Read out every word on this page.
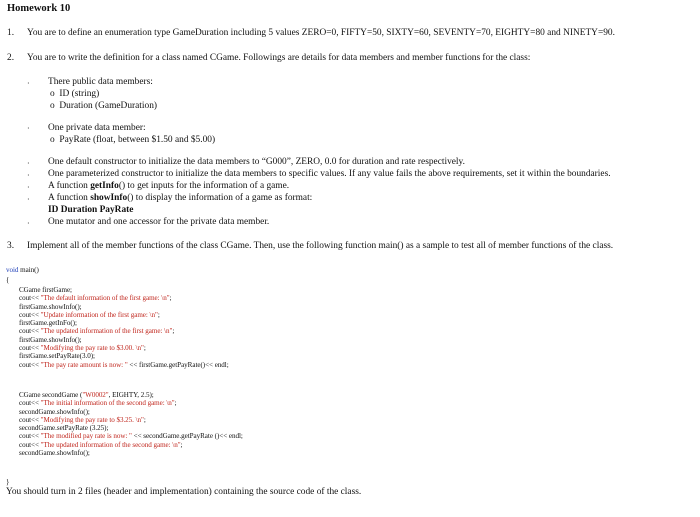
Homework 10
1. You are to define an enumeration type GameDuration including 5 values ZERO=0, FIFTY=50, SIXTY=60, SEVENTY=70, EIGHTY=80 and NINETY=90.
2. You are to write the definition for a class named CGame. Followings are details for data members and member functions for the class:
· There public data members:
o  ID (string)
o  Duration (GameDuration)
· One private data member:
o  PayRate (float, between $1.50 and $5.00)
· One default constructor to initialize the data members to “G000”, ZERO, 0.0 for duration and rate respectively.
· One parameterized constructor to initialize the data members to specific values. If any value fails the above requirements, set it within the boundaries.
· A function getInfo() to get inputs for the information of a game.
· A function showInfo() to display the information of a game as format:
ID Duration PayRate
· One mutator and one accessor for the private data member.
3. Implement all of the member functions of the class CGame. Then, use the following function main() as a sample to test all of member functions of the class.
void main()
{
CGame firstGame;
cout<< "The default information of the first game: \n";
firstGame.showInfo();
cout<< "Update information of the first game: \n";
firstGame.getInFo();
cout<< "The updated information of the first game: \n";
firstGame.showInfo();
cout<< "Modifying the pay rate to $3.00. \n";
firstGame.setPayRate(3.0);
cout<< "The pay rate amount is now: " << firstGame.getPayRate()<< endl;
CGame secondGame ("W0002", EIGHTY, 2.5);
cout<< "The initial information of the second game: \n";
secondGame.showInfo();
cout<< "Modifying the pay rate to $3.25. \n";
secondGame.setPayRate (3.25);
cout<< "The modified pay rate is now: " << secondGame.getPayRate ()<< endl;
cout<< "The updated information of the second game: \n";
secondGame.showInfo();
}
You should turn in 2 files (header and implementation) containing the source code of the class.
